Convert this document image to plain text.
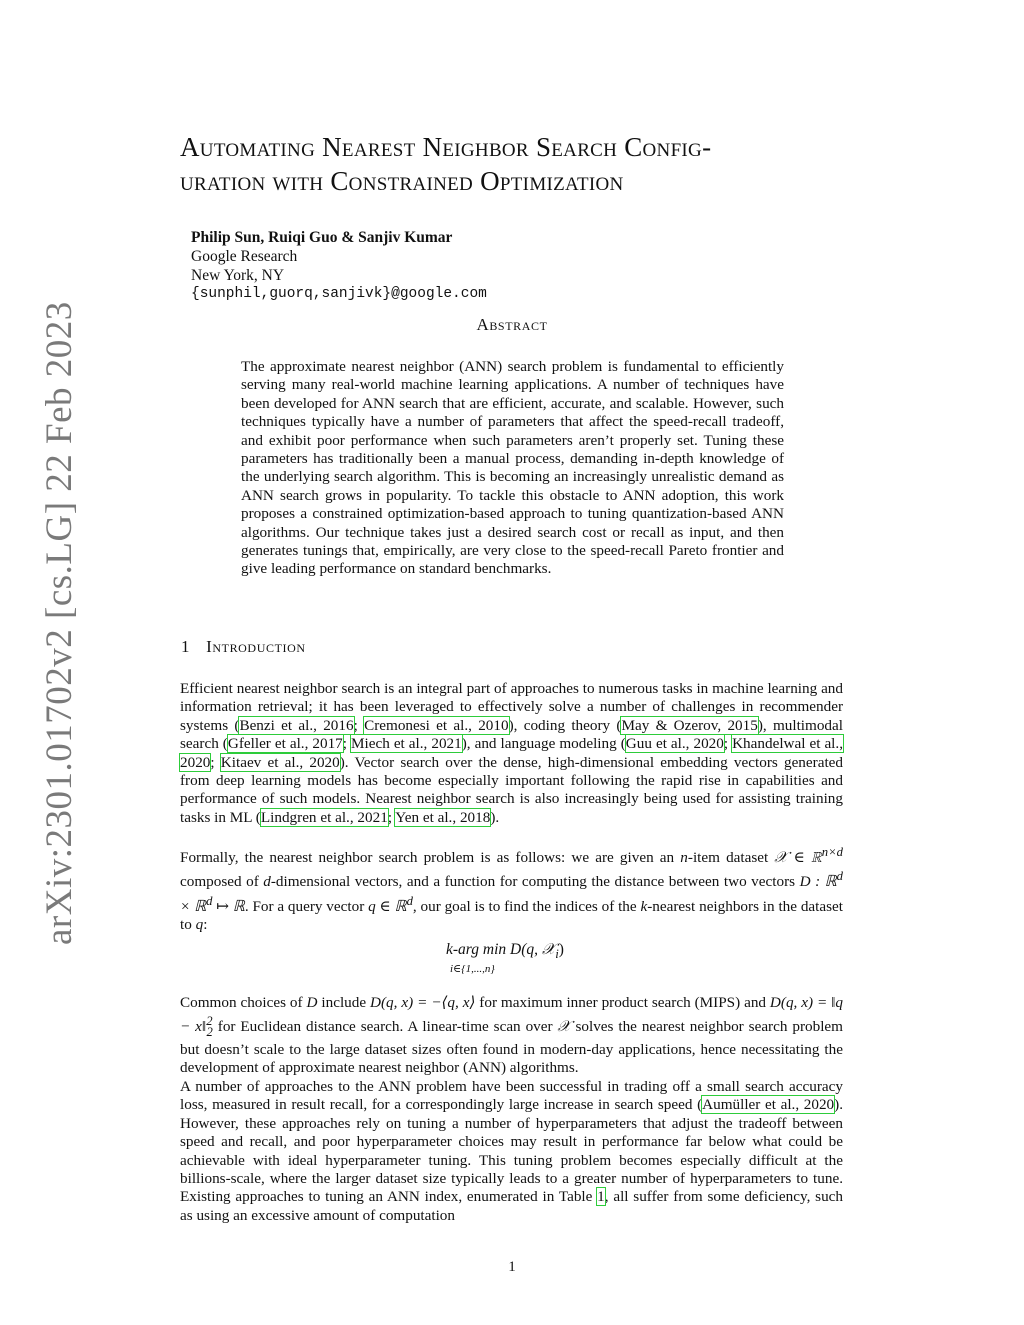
arXiv:2301.01702v2 [cs.LG] 22 Feb 2023
Automating Nearest Neighbor Search Config-
uration with Constrained Optimization
Philip Sun, Ruiqi Guo & Sanjiv Kumar
Google Research
New York, NY
{sunphil,guorq,sanjivk}@google.com
Abstract

The approximate nearest neighbor (ANN) search problem is fundamental to efficiently serving many real-world machine learning applications. A number of techniques have been developed for ANN search that are efficient, accurate, and scalable. However, such techniques typically have a number of parameters that affect the speed-recall tradeoff, and exhibit poor performance when such parameters aren’t properly set. Tuning these parameters has traditionally been a manual process, demanding in-depth knowledge of the underlying search algorithm. This is becoming an increasingly unrealistic demand as ANN search grows in popularity. To tackle this obstacle to ANN adoption, this work proposes a constrained optimization-based approach to tuning quantization-based ANN algorithms. Our technique takes just a desired search cost or recall as input, and then generates tunings that, empirically, are very close to the speed-recall Pareto frontier and give leading performance on standard benchmarks.

1 Introduction

Efficient nearest neighbor search is an integral part of approaches to numerous tasks in machine learning and information retrieval; it has been leveraged to effectively solve a number of challenges in recommender systems (Benzi et al., 2016; Cremonesi et al., 2010), coding theory (May & Ozerov, 2015), multimodal search (Gfeller et al., 2017; Miech et al., 2021), and language modeling (Guu et al., 2020; Khandelwal et al., 2020; Kitaev et al., 2020). Vector search over the dense, high-dimensional embedding vectors generated from deep learning models has become especially important following the rapid rise in capabilities and performance of such models. Nearest neighbor search is also increasingly being used for assisting training tasks in ML (Lindgren et al., 2021; Yen et al., 2018).

Formally, the nearest neighbor search problem is as follows: we are given an n-item dataset 𝒳 ∈ ℝ$^{n\times d}$ composed of d-dimensional vectors, and a function for computing the distance between two vectors D : ℝ$^d$ × ℝ$^d$ ↦ ℝ. For a query vector q ∈ ℝ$^d$, our goal is to find the indices of the k-nearest neighbors in the dataset to q:

k-arg min D(q, 𝒳$_i$)
i∈{1,...,n}

Common choices of D include D(q, x) = −⟨q, x⟩ for maximum inner product search (MIPS) and D(q, x) = ‖q − x‖$^2_2$ for Euclidean distance search. A linear-time scan over 𝒳 solves the nearest neighbor search problem but doesn’t scale to the large dataset sizes often found in modern-day applications, hence necessitating the development of approximate nearest neighbor (ANN) algorithms.

A number of approaches to the ANN problem have been successful in trading off a small search accuracy loss, measured in result recall, for a correspondingly large increase in search speed (Aumüller et al., 2020). However, these approaches rely on tuning a number of hyperparameters that adjust the tradeoff between speed and recall, and poor hyperparameter choices may result in performance far below what could be achievable with ideal hyperparameter tuning. This tuning problem becomes especially difficult at the billions-scale, where the larger dataset size typically leads to a greater number of hyperparameters to tune. Existing approaches to tuning an ANN index, enumerated in Table 1, all suffer from some deficiency, such as using an excessive amount of computation

1
